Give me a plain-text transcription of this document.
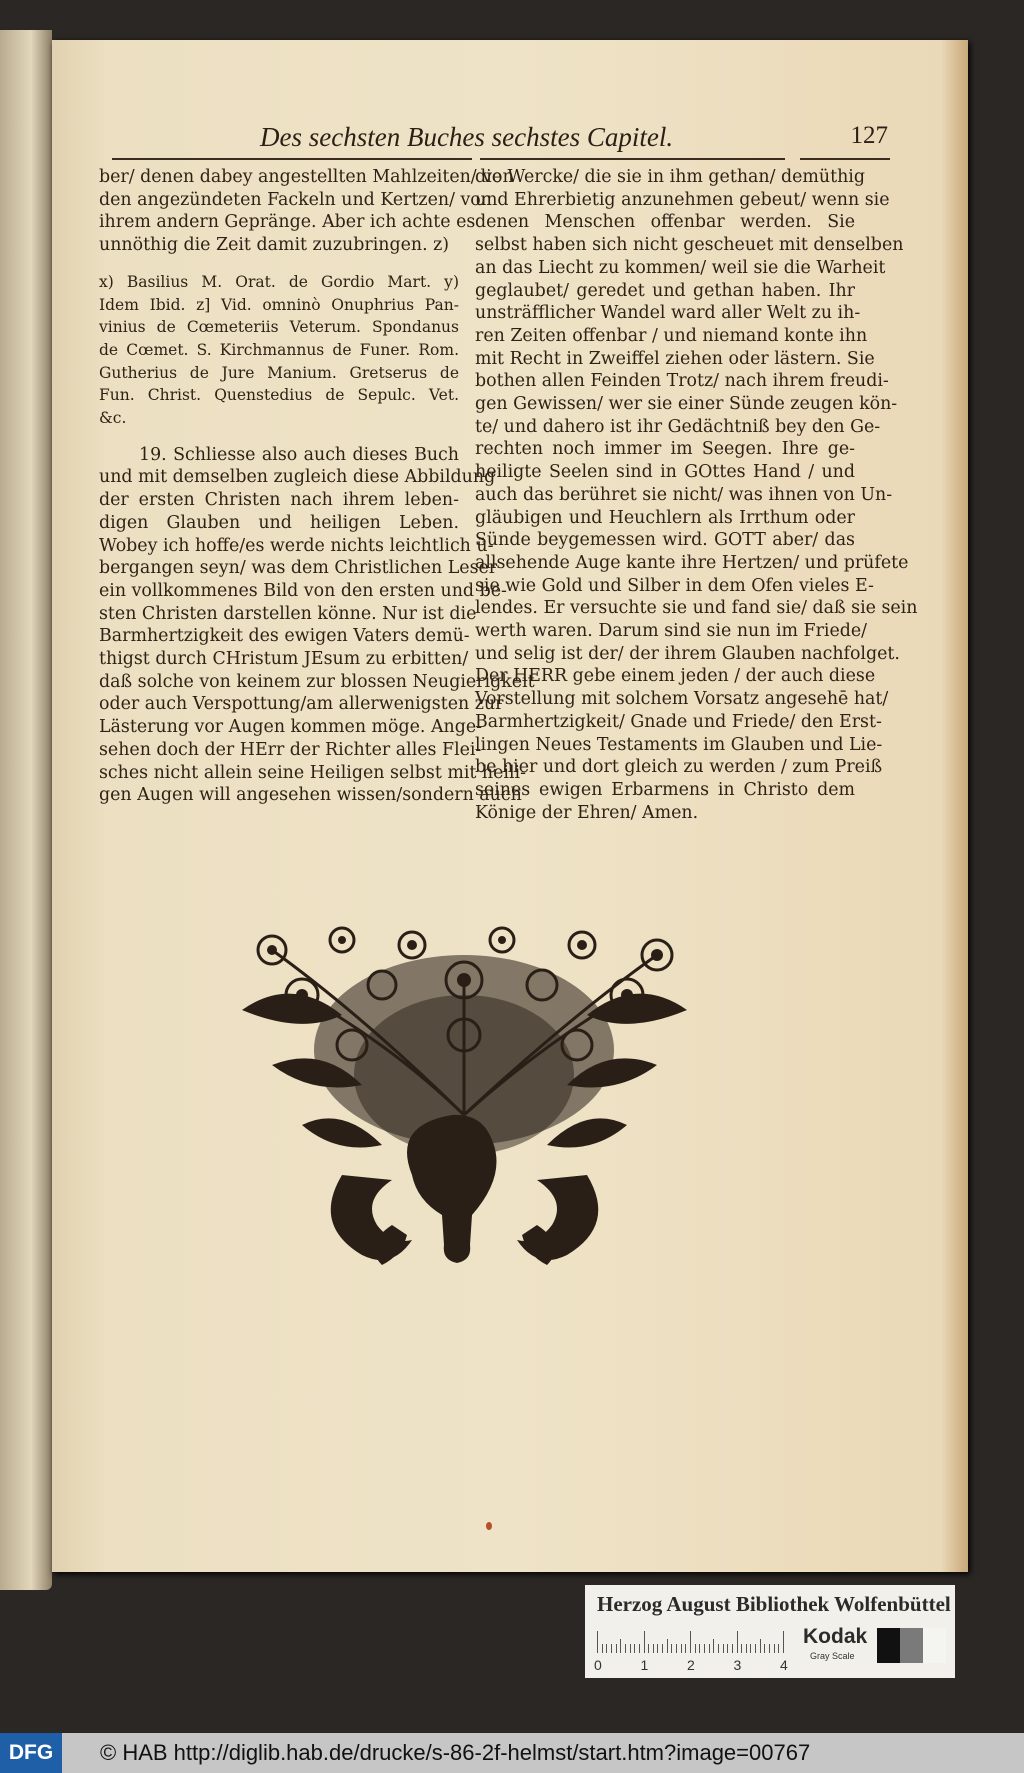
Des sechsten Buches sechstes Capitel.	127

ber/ denen dabey angestellten Mahlzeiten/ von
den angezündeten Fackeln und Kertzen/ von
ihrem andern Gepränge. Aber ich achte es
unnöthig die Zeit damit zuzubringen. z)

x) Basilius M. Orat. de Gordio Mart. y)
Idem Ibid. z] Vid. omninò Onuphrius Pan-
vinius de Cœmeteriis Veterum. Spondanus
de Cœmet. S. Kirchmannus de Funer. Rom.
Gutherius de Jure Manium. Gretserus de
Fun. Christ. Quenstedius de Sepulc. Vet.
&c.

19. Schliesse also auch dieses Buch
und mit demselben zugleich diese Abbildung
der ersten Christen nach ihrem leben-
digen Glauben und heiligen Leben.
Wobey ich hoffe/es werde nichts leichtlich ü-
bergangen seyn/ was dem Christlichen Leser
ein vollkommenes Bild von den ersten und be-
sten Christen darstellen könne. Nur ist die
Barmhertzigkeit des ewigen Vaters demü-
thigst durch CHristum JEsum zu erbitten/
daß solche von keinem zur blossen Neugierigkeit
oder auch Verspottung/am allerwenigsten zur
Lästerung vor Augen kommen möge. Ange-
sehen doch der HErr der Richter alles Flei-
sches nicht allein seine Heiligen selbst mit heili-
gen Augen will angesehen wissen/sondern auch

die Wercke/ die sie in ihm gethan/ demüthig
und Ehrerbietig anzunehmen gebeut/ wenn sie
denen Menschen offenbar werden. Sie
selbst haben sich nicht gescheuet mit denselben
an das Liecht zu kommen/ weil sie die Warheit
geglaubet/ geredet und gethan haben. Ihr
unsträfflicher Wandel ward aller Welt zu ih-
ren Zeiten offenbar / und niemand konte ihn
mit Recht in Zweiffel ziehen oder lästern. Sie
bothen allen Feinden Trotz/ nach ihrem freudi-
gen Gewissen/ wer sie einer Sünde zeugen kön-
te/ und dahero ist ihr Gedächtniß bey den Ge-
rechten noch immer im Seegen. Ihre ge-
heiligte Seelen sind in GOttes Hand / und
auch das berühret sie nicht/ was ihnen von Un-
gläubigen und Heuchlern als Irrthum oder
Sünde beygemessen wird. GOTT aber/ das
allsehende Auge kante ihre Hertzen/ und prüfete
sie wie Gold und Silber in dem Ofen vieles E-
lendes. Er versuchte sie und fand sie/ daß sie sein
werth waren. Darum sind sie nun im Friede/
und selig ist der/ der ihrem Glauben nachfolget.
Der HERR gebe einem jeden / der auch diese
Vorstellung mit solchem Vorsatz angesehē hat/
Barmhertzigkeit/ Gnade und Friede/ den Erst-
lingen Neues Testaments im Glauben und Lie-
be hier und dort gleich zu werden / zum Preiß
seines ewigen Erbarmens in Christo dem
Könige der Ehren/ Amen.

Herzog August Bibliothek Wolfenbüttel
0	1	2	3	4
Kodak
Gray Scale
DFG	© HAB http://diglib.hab.de/drucke/s-86-2f-helmst/start.htm?image=00767
